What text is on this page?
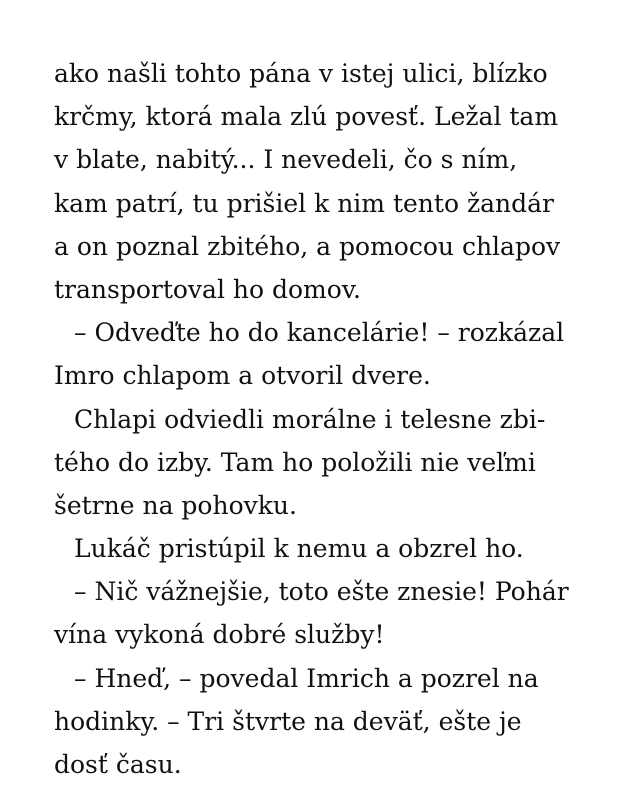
ako našli tohto pána v istej ulici, blízko
krčmy, ktorá mala zlú povesť. Ležal tam
v blate, nabitý... I nevedeli, čo s ním,
kam patrí, tu prišiel k nim tento žandár
a on poznal zbitého, a pomocou chlapov
transportoval ho domov.
– Odveďte ho do kancelárie! – rozkázal
Imro chlapom a otvoril dvere.
Chlapi odviedli morálne i telesne zbi-
tého do izby. Tam ho položili nie veľmi
šetrne na pohovku.
Lukáč pristúpil k nemu a obzrel ho.
– Nič vážnejšie, toto ešte znesie! Pohár
vína vykoná dobré služby!
– Hneď, – povedal Imrich a pozrel na
hodinky. – Tri štvrte na deväť, ešte je
dosť času.
